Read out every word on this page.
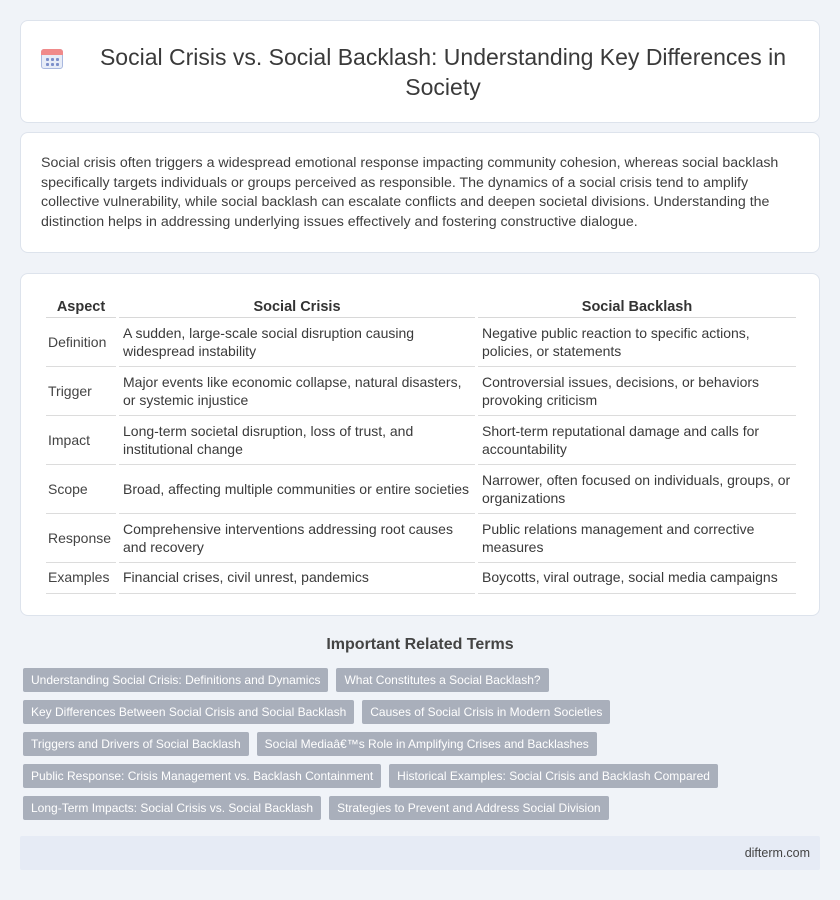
Social Crisis vs. Social Backlash: Understanding Key Differences in Society

Social crisis often triggers a widespread emotional response impacting community cohesion, whereas social backlash specifically targets individuals or groups perceived as responsible. The dynamics of a social crisis tend to amplify collective vulnerability, while social backlash can escalate conflicts and deepen societal divisions. Understanding the distinction helps in addressing underlying issues effectively and fostering constructive dialogue.

Aspect	Social Crisis	Social Backlash
Definition	A sudden, large-scale social disruption causing widespread instability	Negative public reaction to specific actions, policies, or statements
Trigger	Major events like economic collapse, natural disasters, or systemic injustice	Controversial issues, decisions, or behaviors provoking criticism
Impact	Long-term societal disruption, loss of trust, and institutional change	Short-term reputational damage and calls for accountability
Scope	Broad, affecting multiple communities or entire societies	Narrower, often focused on individuals, groups, or organizations
Response	Comprehensive interventions addressing root causes and recovery	Public relations management and corrective measures
Examples	Financial crises, civil unrest, pandemics	Boycotts, viral outrage, social media campaigns
Important Related Terms
Understanding Social Crisis: Definitions and Dynamics	What Constitutes a Social Backlash?
Key Differences Between Social Crisis and Social Backlash	Causes of Social Crisis in Modern Societies
Triggers and Drivers of Social Backlash	Social Mediaâ€™s Role in Amplifying Crises and Backlashes
Public Response: Crisis Management vs. Backlash Containment	Historical Examples: Social Crisis and Backlash Compared
Long-Term Impacts: Social Crisis vs. Social Backlash	Strategies to Prevent and Address Social Division
difterm.com
